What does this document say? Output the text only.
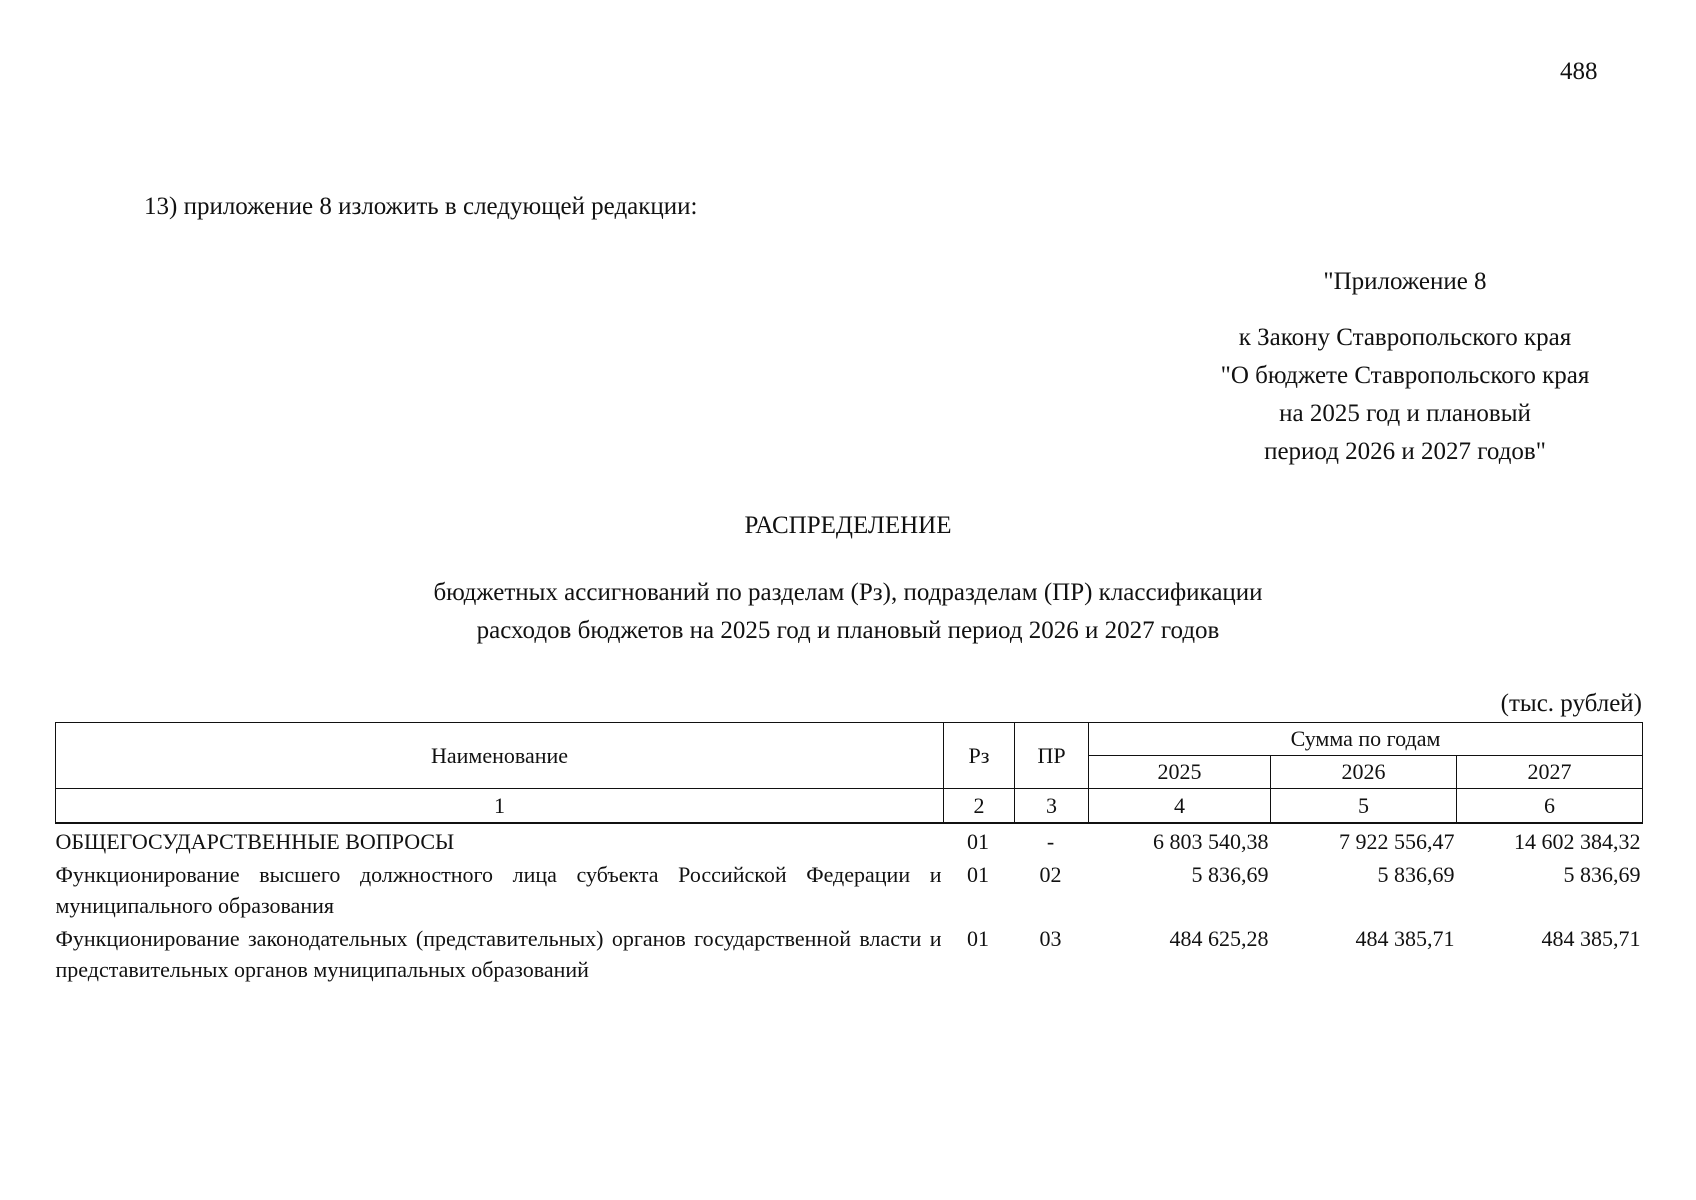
488
13) приложение 8 изложить в следующей редакции:
"Приложение 8
к Закону Ставропольского края
"О бюджете Ставропольского края
на 2025 год и плановый
период 2026 и 2027 годов"
РАСПРЕДЕЛЕНИЕ
бюджетных ассигнований по разделам (Рз), подразделам (ПР) классификации
расходов бюджетов на 2025 год и плановый период 2026 и 2027 годов
(тыс. рублей)
Наименование	Рз	ПР	Сумма по годам		
			2025	2026	2027
1	2	3	4	5	6
ОБЩЕГОСУДАРСТВЕННЫЕ ВОПРОСЫ	01	-	6 803 540,38	7 922 556,47	14 602 384,32
Функционирование высшего должностного лица субъекта Российской Федерации и муниципального образования	01	02	5 836,69	5 836,69	5 836,69
Функционирование законодательных (представительных) органов государственной власти и представительных органов муниципальных образований	01	03	484 625,28	484 385,71	484 385,71
